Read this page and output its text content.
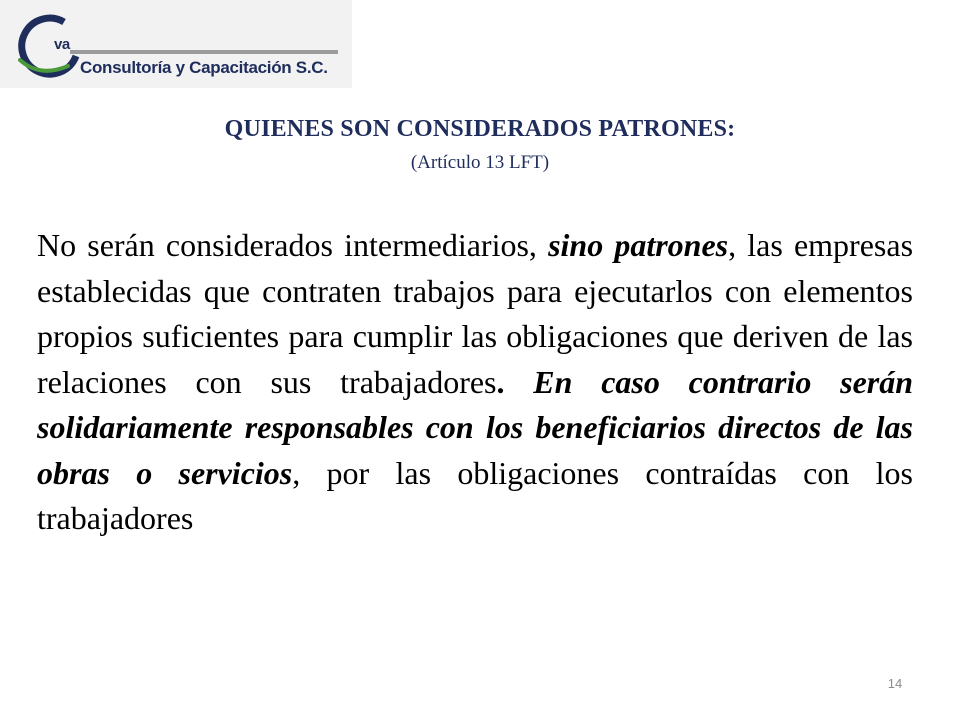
va
Consultoría y Capacitación S.C.
QUIENES SON CONSIDERADOS PATRONES:
(Artículo 13 LFT)

No serán considerados intermediarios, sino patrones, las empresas establecidas que contraten trabajos para ejecutarlos con elementos propios suficientes para cumplir las obligaciones que deriven de las relaciones con sus trabajadores. En caso contrario serán solidariamente responsables con los beneficiarios directos de las obras o servicios, por las obligaciones contraídas con los trabajadores

14
